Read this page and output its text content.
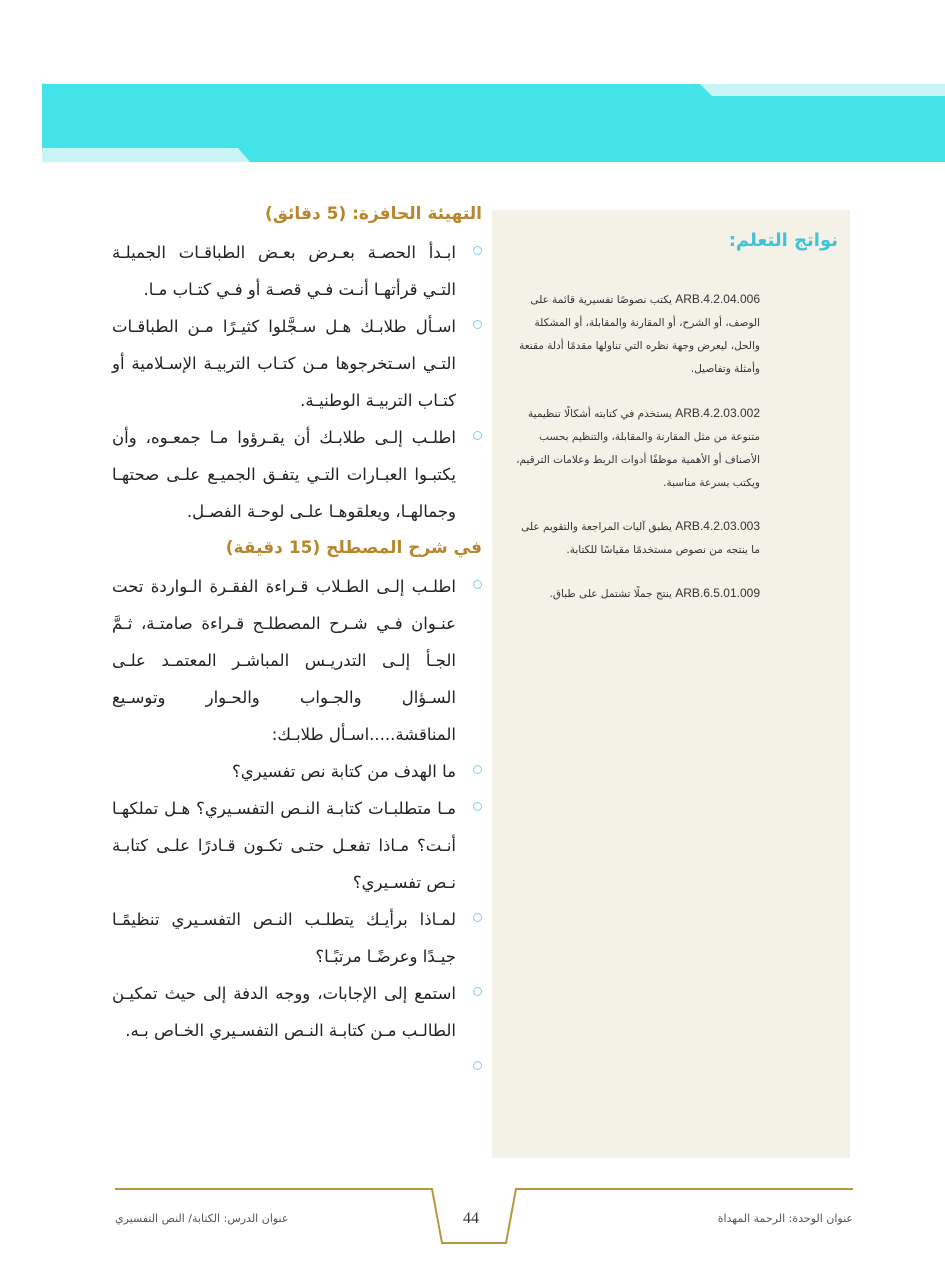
التهيئة الحافزة: (5 دقائق)

ابـدأ الحصـة بعـرض بعـض الطباقـات الجميلـة التـي قرأتهـا أنـت فـي قصـة أو فـي كتـاب مـا.

اسـأل طلابـك هـل سـجَّلوا كثيـرًا مـن الطباقـات التـي اسـتخرجوها مـن كتـاب التربيـة الإسـلامية أو كتـاب التربيـة الوطنيـة.

اطلـب إلـى طلابـك أن يقـرؤوا مـا جمعـوه، وأن يكتبـوا العبـارات التـي يتفـق الجميـع علـى صحتهـا وجمالهـا، ويعلقوهـا علـى لوحـة الفصـل.

في شرح المصطلح (15 دقيقة)

اطلـب إلـى الطـلاب قـراءة الفقـرة الـواردة تحت عنـوان فـي شـرح المصطلـح قـراءة صامتـة، ثـمَّ الجـأ إلـى التدريـس المباشـر المعتمـد علـى السـؤال والجـواب والحـوار وتوسـيع المناقشة.....اسـأل طلابـك:

ما الهدف من كتابة نص تفسيري؟

مـا متطلبـات كتابـة النـص التفسـيري؟ هـل تملكهـا أنـت؟ مـاذا تفعـل حتـى تكـون قـادرًا علـى كتابـة نـص تفسـيري؟

لمـاذا برأيـك يتطلـب النـص التفسـيري تنظيمًـا جيـدًا وعرضًـا مرتبًـا؟

استمع إلى الإجابات، ووجه الدفة إلى حيث تمكيـن الطالـب مـن كتابـة النـص التفسـيري الخـاص بـه.

نواتج التعلم:
ARB.4.2.04.006 يكتب نصوصًا تفسيرية قائمة على الوصف، أو الشرح، أو المقارنة والمقابلة، أو المشكلة والحل، ليعرض وجهة نظره التي تناولها مقدمًا أدلة مقنعة وأمثلة وتفاصيل.
ARB.4.2.03.002 يستخدم في كتابته أشكالًا تنظيمية متنوعة من مثل المقارنة والمقابلة، والتنظيم بحسب الأصناف أو الأهمية موظفًا أدوات الربط وعلامات الترقيم، ويكتب بسرعة مناسبة.
ARB.4.2.03.003 يطبق آليات المراجعة والتقويم على ما ينتجه من نصوص مستخدمًا مقياسًا للكتابة.
ARB.6.5.01.009 ينتج جملًا تشتمل على طباق.
عنوان الدرس: الكتابة/ النص التفسيري	44	عنوان الوحدة: الرحمة المهداة
